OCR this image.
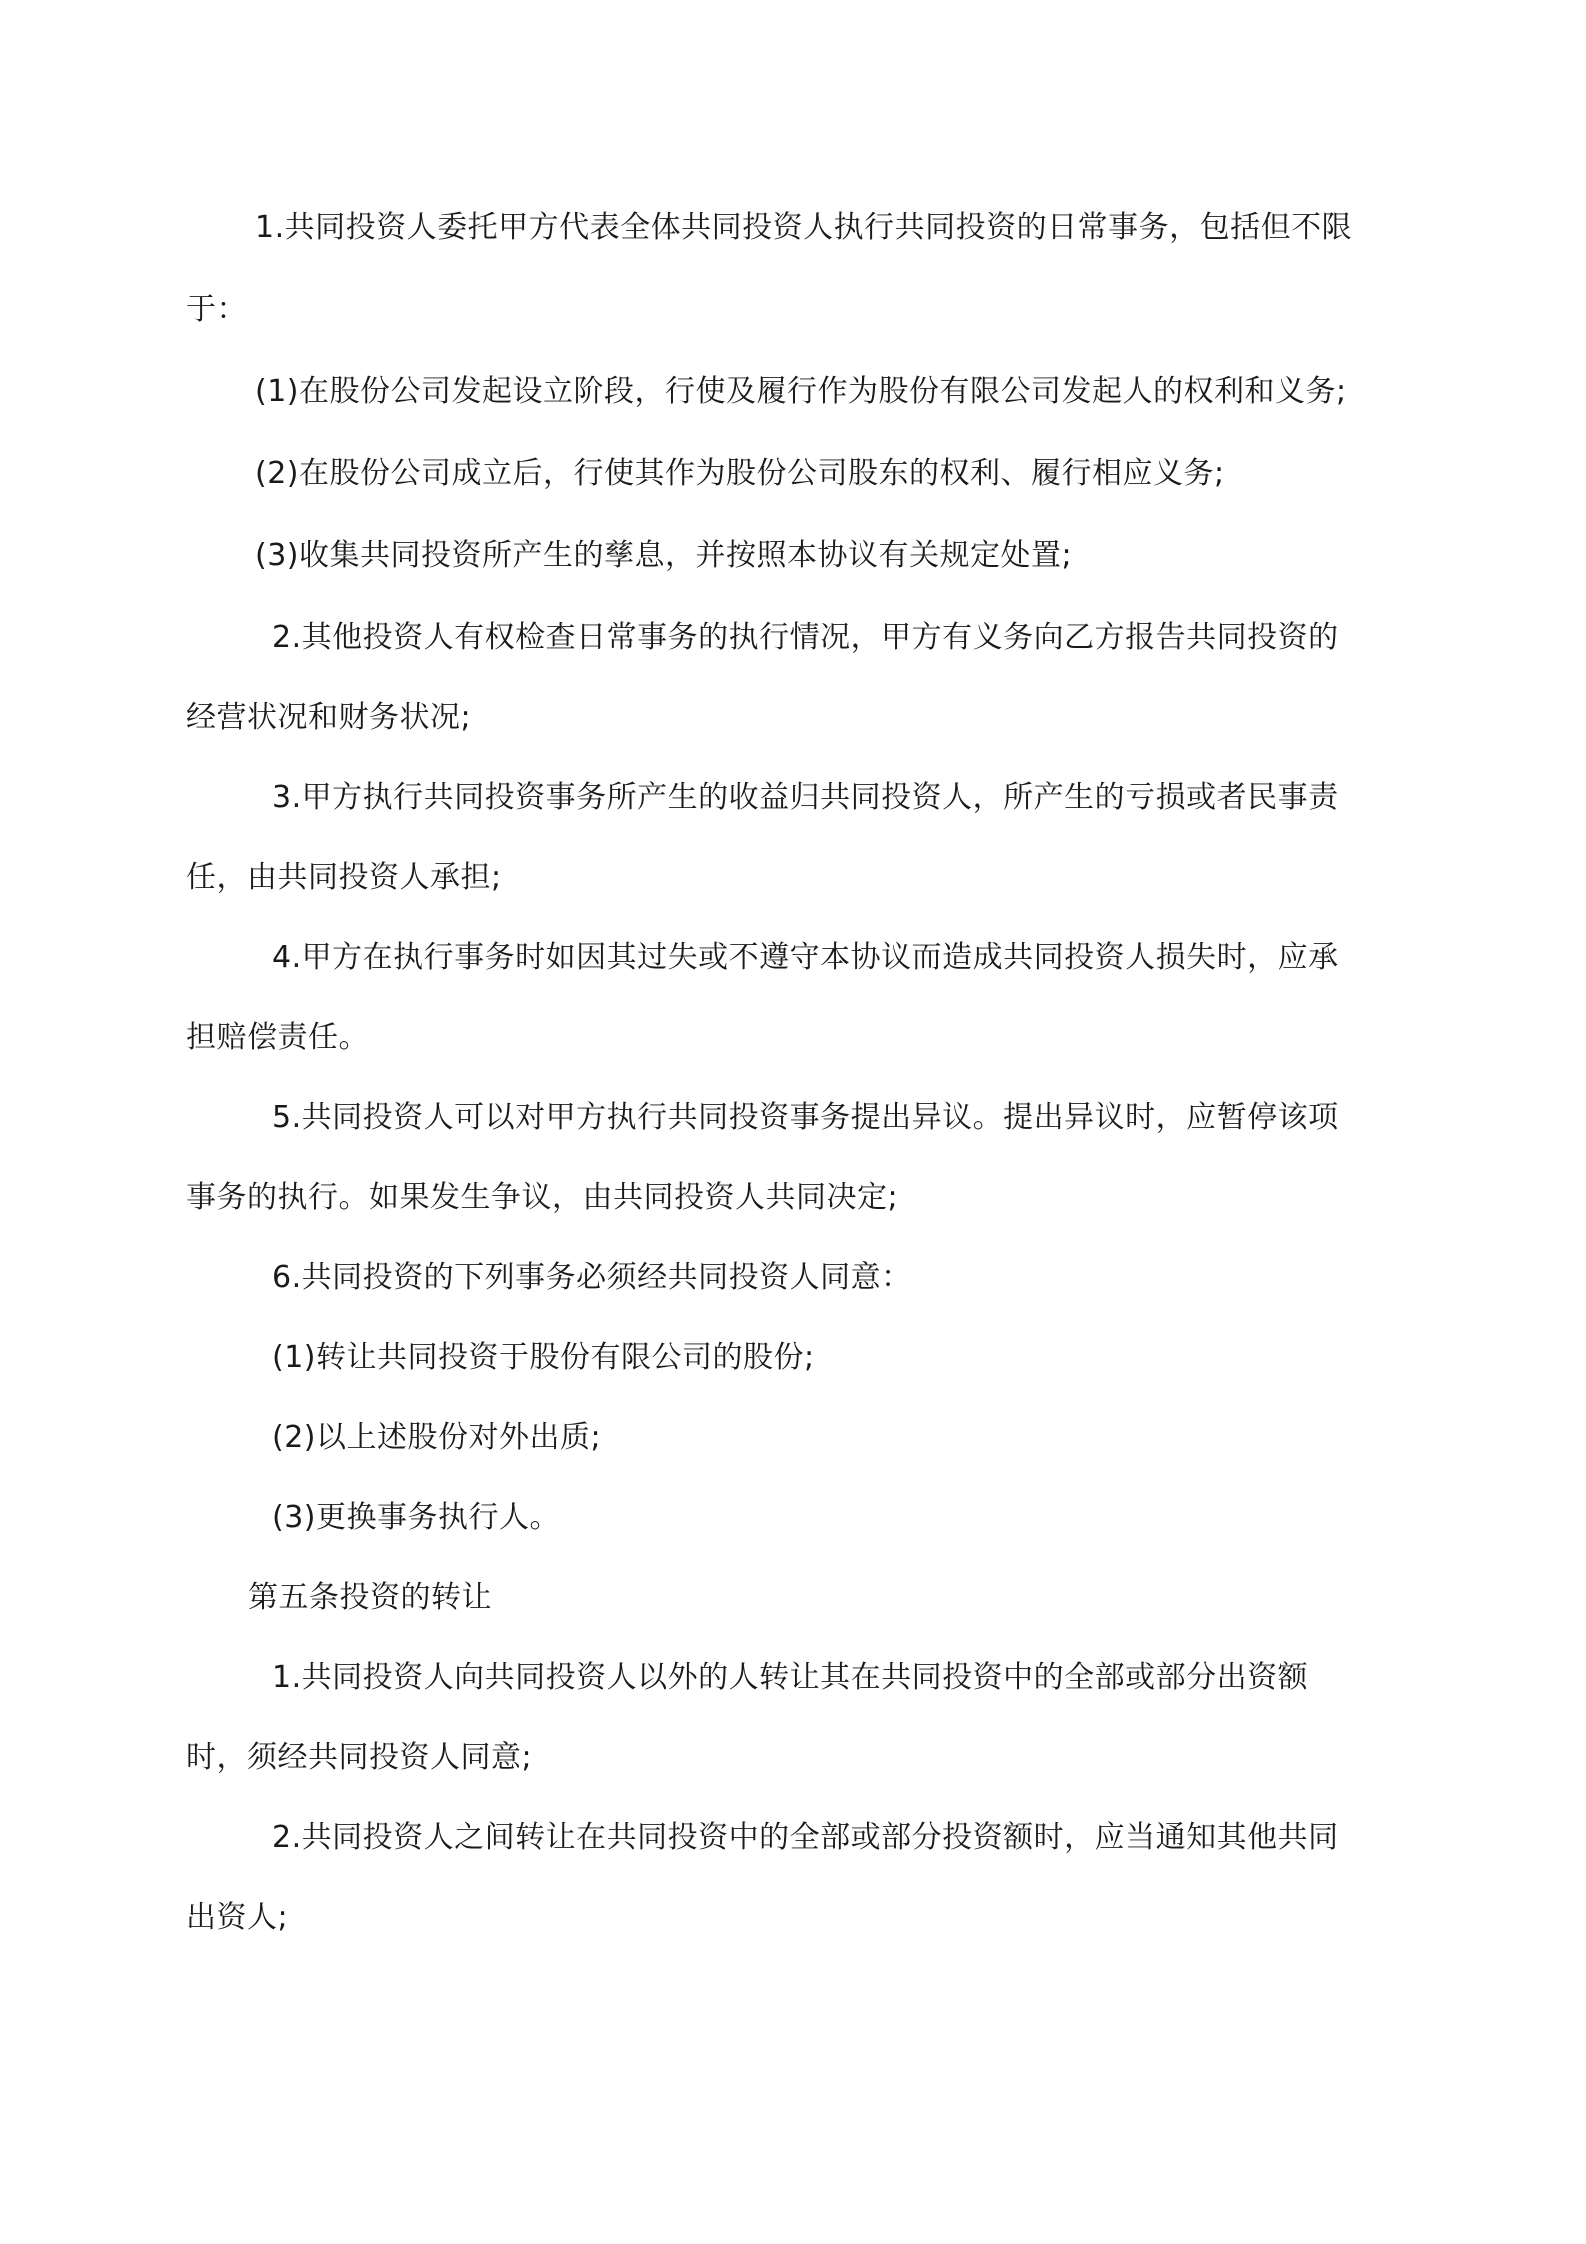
1.共同投资人委托甲方代表全体共同投资人执行共同投资的日常事务，包括但不限
于：
(1)在股份公司发起设立阶段，行使及履行作为股份有限公司发起人的权利和义务;
(2)在股份公司成立后，行使其作为股份公司股东的权利、履行相应义务;
(3)收集共同投资所产生的孳息，并按照本协议有关规定处置;
2.其他投资人有权检查日常事务的执行情况，甲方有义务向乙方报告共同投资的
经营状况和财务状况;
3.甲方执行共同投资事务所产生的收益归共同投资人，所产生的亏损或者民事责
任，由共同投资人承担;
4.甲方在执行事务时如因其过失或不遵守本协议而造成共同投资人损失时，应承
担赔偿责任。
5.共同投资人可以对甲方执行共同投资事务提出异议。提出异议时，应暂停该项
事务的执行。如果发生争议，由共同投资人共同决定;
6.共同投资的下列事务必须经共同投资人同意：
(1)转让共同投资于股份有限公司的股份;
(2)以上述股份对外出质;
(3)更换事务执行人。
第五条投资的转让
1.共同投资人向共同投资人以外的人转让其在共同投资中的全部或部分出资额
时，须经共同投资人同意;
2.共同投资人之间转让在共同投资中的全部或部分投资额时，应当通知其他共同
出资人;
